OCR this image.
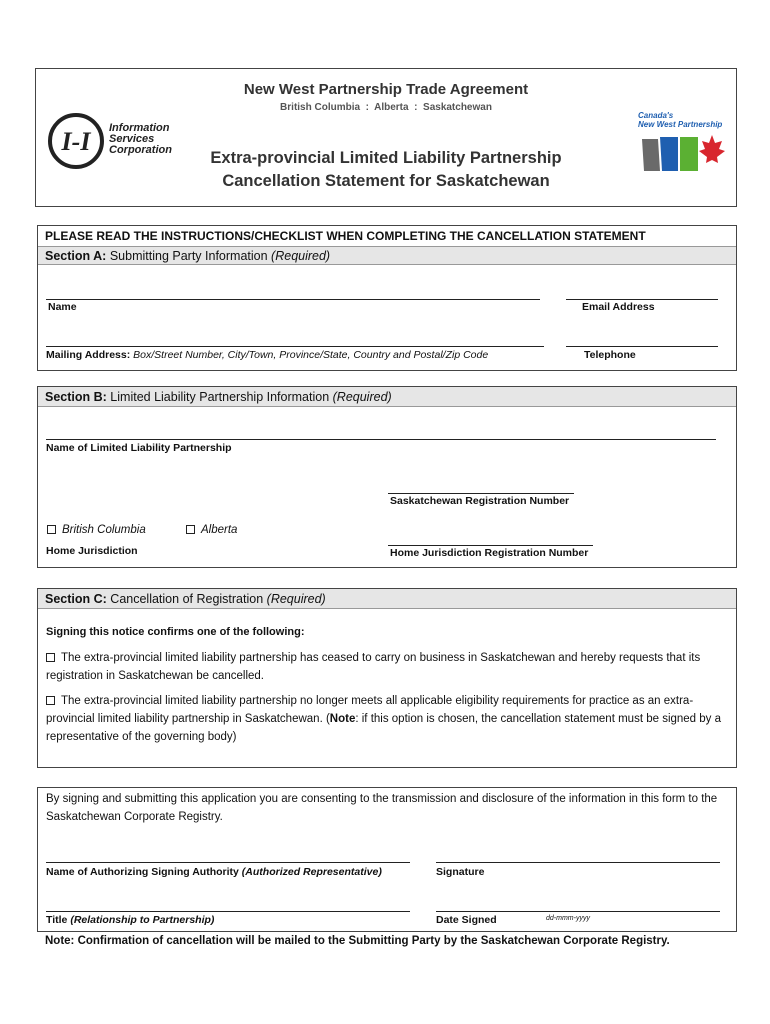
New West Partnership Trade Agreement
British Columbia  :  Alberta  :  Saskatchewan
I-I Information
Services
Corporation
Canada's
New West Partnership
Extra-provincial Limited Liability Partnership
Cancellation Statement for Saskatchewan
PLEASE READ THE INSTRUCTIONS/CHECKLIST WHEN COMPLETING THE CANCELLATION STATEMENT
Section A: Submitting Party Information (Required)
Name	Email Address
Mailing Address: Box/Street Number, City/Town, Province/State, Country and Postal/Zip Code	Telephone
Section B: Limited Liability Partnership Information (Required)
Name of Limited Liability Partnership
Saskatchewan Registration Number
British Columbia	Alberta
Home Jurisdiction	Home Jurisdiction Registration Number
Section C: Cancellation of Registration (Required)
Signing this notice confirms one of the following:
The extra-provincial limited liability partnership has ceased to carry on business in Saskatchewan and hereby requests that its registration in Saskatchewan be cancelled.
The extra-provincial limited liability partnership no longer meets all applicable eligibility requirements for practice as an extra-provincial limited liability partnership in Saskatchewan. (Note: if this option is chosen, the cancellation statement must be signed by a representative of the governing body)
By signing and submitting this application you are consenting to the transmission and disclosure of the information in this form to the Saskatchewan Corporate Registry.
Name of Authorizing Signing Authority (Authorized Representative)	Signature
Title (Relationship to Partnership)	Date Signed	dd-mmm-yyyy
Note: Confirmation of cancellation will be mailed to the Submitting Party by the Saskatchewan Corporate Registry.
